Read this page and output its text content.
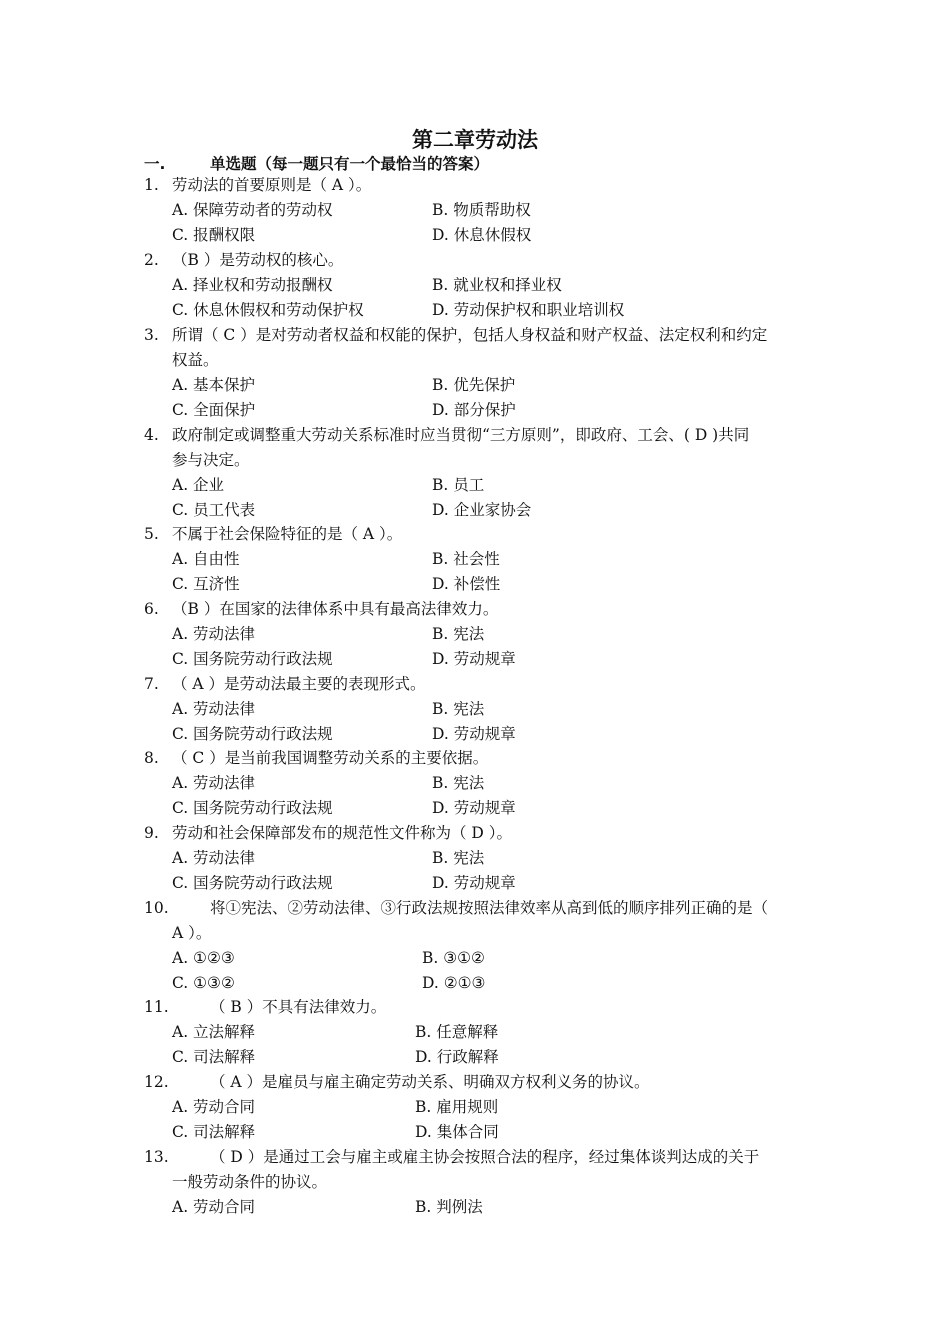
第二章劳动法
一.	单选题（每一题只有一个最恰当的答案）
1. 劳动法的首要原则是（ A ）。
A. 保障劳动者的劳动权	B. 物质帮助权
C. 报酬权限	D. 休息休假权
2. （B ）是劳动权的核心。
A. 择业权和劳动报酬权	B. 就业权和择业权
C. 休息休假权和劳动保护权	D. 劳动保护权和职业培训权
3. 所谓（ C ）是对劳动者权益和权能的保护，包括人身权益和财产权益、法定权利和约定
权益。
A. 基本保护	B. 优先保护
C. 全面保护	D. 部分保护
4. 政府制定或调整重大劳动关系标准时应当贯彻“三方原则”，即政府、工会、( D )共同
参与决定。
A. 企业	B. 员工
C. 员工代表	D. 企业家协会
5. 不属于社会保险特征的是（ A ）。
A. 自由性	B. 社会性
C. 互济性	D. 补偿性
6. （B ）在国家的法律体系中具有最高法律效力。
A. 劳动法律	B. 宪法
C. 国务院劳动行政法规	D. 劳动规章
7. （ A ）是劳动法最主要的表现形式。
A. 劳动法律	B. 宪法
C. 国务院劳动行政法规	D. 劳动规章
8. （ C ）是当前我国调整劳动关系的主要依据。
A. 劳动法律	B. 宪法
C. 国务院劳动行政法规	D. 劳动规章
9. 劳动和社会保障部发布的规范性文件称为（ D ）。
A. 劳动法律	B. 宪法
C. 国务院劳动行政法规	D. 劳动规章
10.	将①宪法、②劳动法律、③行政法规按照法律效率从高到低的顺序排列正确的是（
A ）。
A. ①②③	B. ③①②
C. ①③②	D. ②①③
11.	（ B ）不具有法律效力。
A. 立法解释	B. 任意解释
C. 司法解释	D. 行政解释
12.	（ A ）是雇员与雇主确定劳动关系、明确双方权利义务的协议。
A. 劳动合同	B. 雇用规则
C. 司法解释	D. 集体合同
13.	（ D ）是通过工会与雇主或雇主协会按照合法的程序，经过集体谈判达成的关于
一般劳动条件的协议。
A. 劳动合同	B. 判例法
